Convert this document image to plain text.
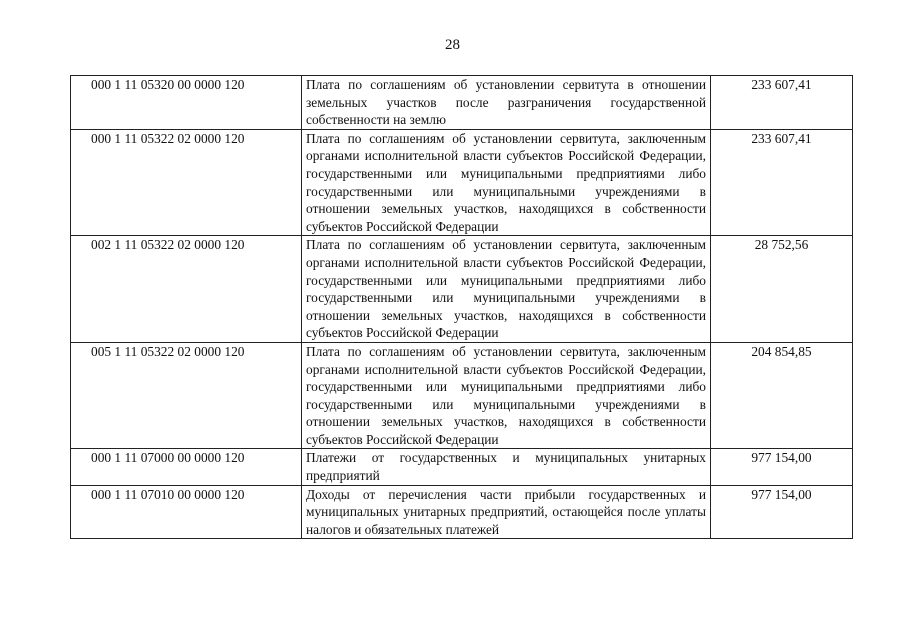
28
000 1 11 05320 00 0000 120	Плата по соглашениям об установлении сервитута в отношении земельных участков после разграничения государственной собственности на землю	233 607,41
000 1 11 05322 02 0000 120	Плата по соглашениям об установлении сервитута, заключенным органами исполнительной власти субъектов Российской Федерации, государственными или муниципальными предприятиями либо государственными или муниципальными учреждениями в отношении земельных участков, находящихся в собственности субъектов Российской Федерации	233 607,41
002 1 11 05322 02 0000 120	Плата по соглашениям об установлении сервитута, заключенным органами исполнительной власти субъектов Российской Федерации, государственными или муниципальными предприятиями либо государственными или муниципальными учреждениями в отношении земельных участков, находящихся в собственности субъектов Российской Федерации	28 752,56
005 1 11 05322 02 0000 120	Плата по соглашениям об установлении сервитута, заключенным органами исполнительной власти субъектов Российской Федерации, государственными или муниципальными предприятиями либо государственными или муниципальными учреждениями в отношении земельных участков, находящихся в собственности субъектов Российской Федерации	204 854,85
000 1 11 07000 00 0000 120	Платежи от государственных и муниципальных унитарных предприятий	977 154,00
000 1 11 07010 00 0000 120	Доходы от перечисления части прибыли государственных и муниципальных унитарных предприятий, остающейся после уплаты налогов и обязательных платежей	977 154,00
